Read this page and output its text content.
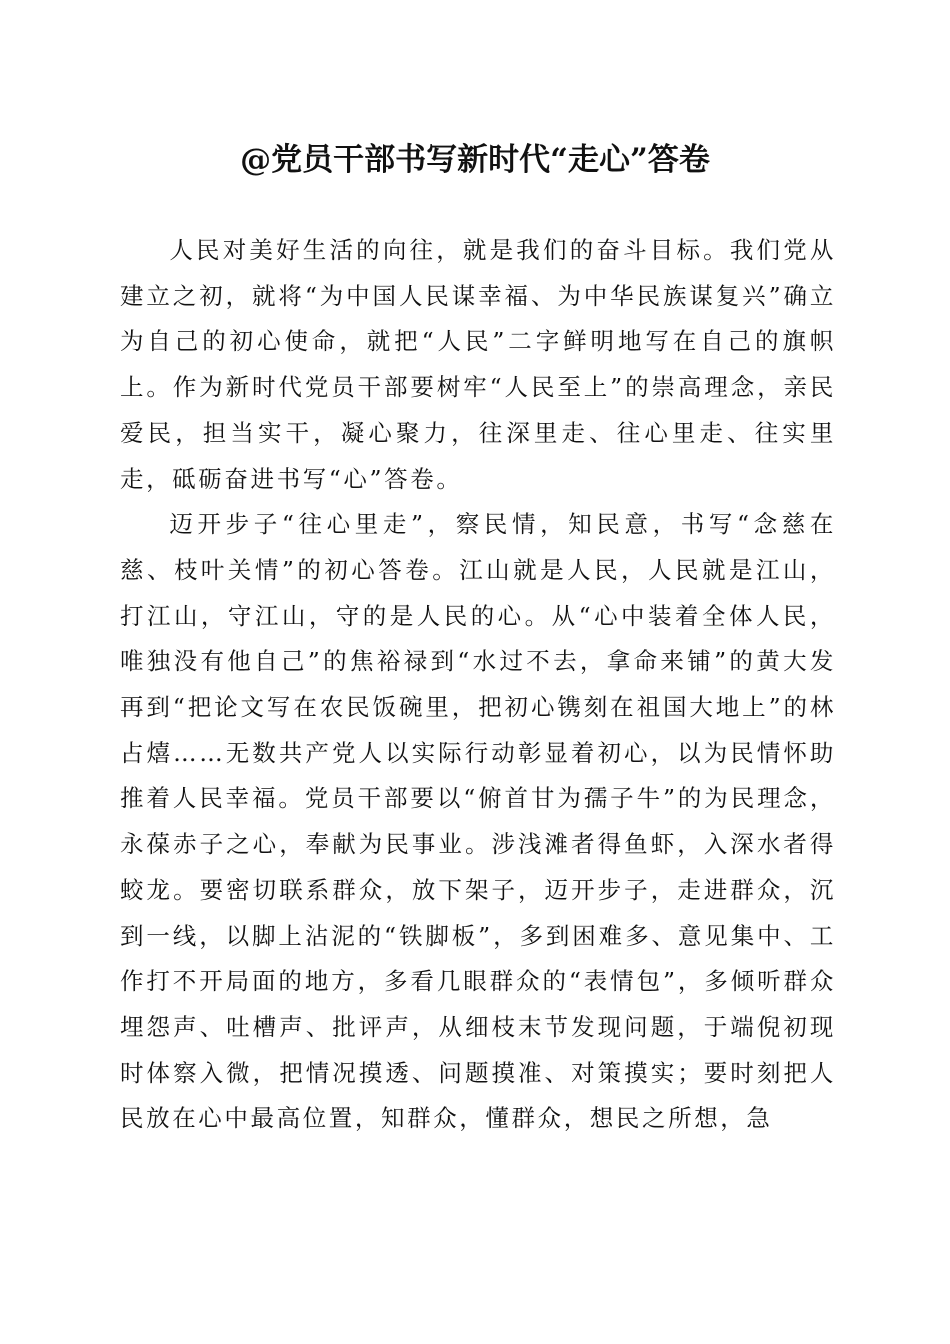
@党员干部书写新时代“走心”答卷

人民对美好生活的向往，就是我们的奋斗目标。我们党从建立之初，就将“为中国人民谋幸福、为中华民族谋复兴”确立为自己的初心使命，就把“人民”二字鲜明地写在自己的旗帜上。作为新时代党员干部要树牢“人民至上”的崇高理念，亲民爱民，担当实干，凝心聚力，往深里走、往心里走、往实里走，砥砺奋进书写“心”答卷。

迈开步子“往心里走”，察民情，知民意，书写“念慈在慈、枝叶关情”的初心答卷。江山就是人民，人民就是江山，打江山，守江山，守的是人民的心。从“心中装着全体人民，唯独没有他自己”的焦裕禄到“水过不去，拿命来铺”的黄大发再到“把论文写在农民饭碗里，把初心镌刻在祖国大地上”的林占熺……无数共产党人以实际行动彰显着初心，以为民情怀助推着人民幸福。党员干部要以“俯首甘为孺子牛”的为民理念，永葆赤子之心，奉献为民事业。涉浅滩者得鱼虾，入深水者得蛟龙。要密切联系群众，放下架子，迈开步子，走进群众，沉到一线，以脚上沾泥的“铁脚板”，多到困难多、意见集中、工作打不开局面的地方，多看几眼群众的“表情包”，多倾听群众埋怨声、吐槽声、批评声，从细枝末节发现问题，于端倪初现时体察入微，把情况摸透、问题摸准、对策摸实；要时刻把人民放在心中最高位置，知群众，懂群众，想民之所想，急
